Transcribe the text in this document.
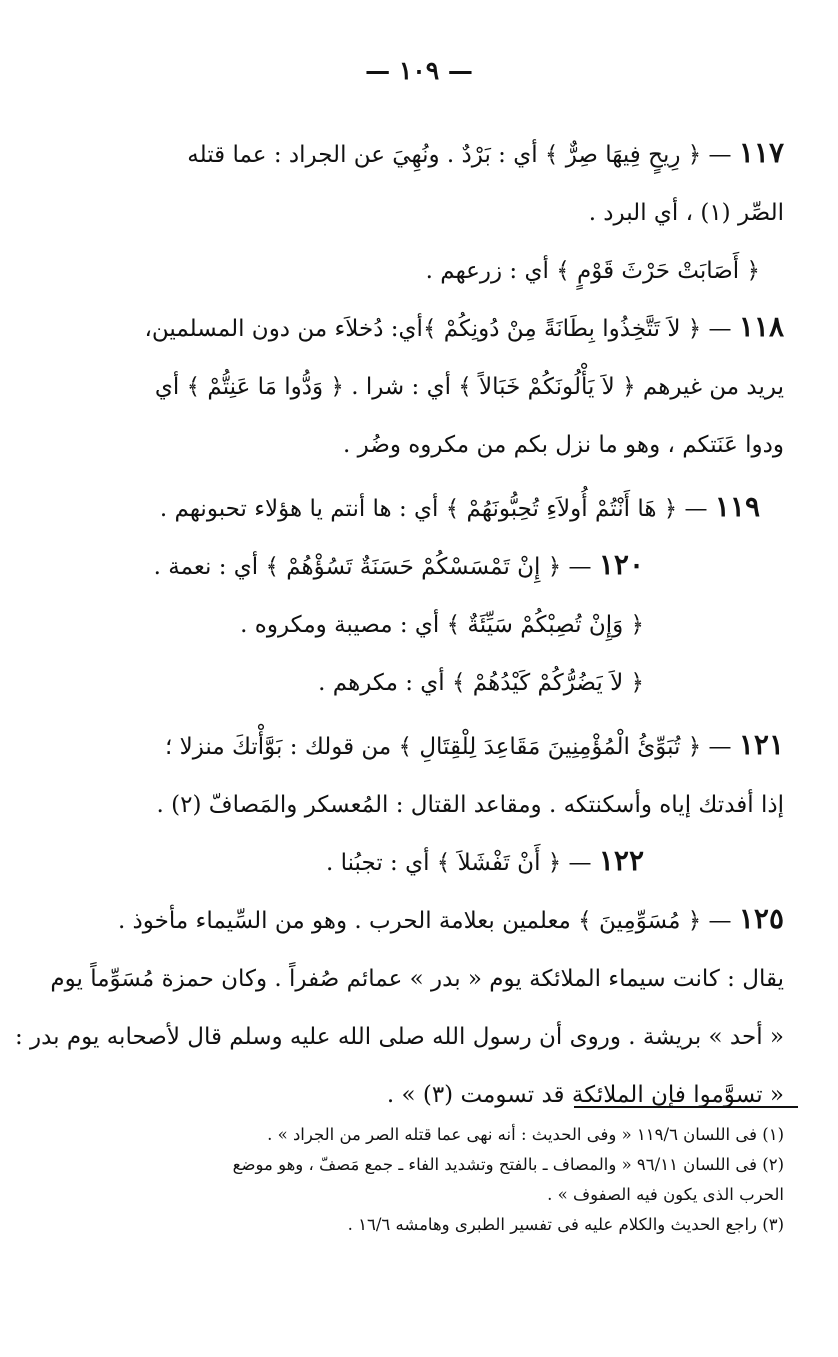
— ١٠٩ —
١١٧ — ﴿ رِيحٍ فِيهَا صِرٌّ ﴾ أي : بَرْدٌ . ونُهِيَ عن الجراد : عما قتله
الصِّر (١) ، أي البرد .
﴿ أَصَابَتْ حَرْثَ قَوْمٍ ﴾ أي : زرعهم .
١١٨ — ﴿ لاَ تَتَّخِذُوا بِطَانَةً مِنْ دُونِكُمْ ﴾أي: دُخلاَء من دون المسلمين،
يريد من غيرهم ﴿ لاَ يَأْلُونَكُمْ خَبَالاً ﴾ أي : شرا . ﴿ وَدُّوا مَا عَنِتُّمْ ﴾ أي
ودوا عَنَتكم ، وهو ما نزل بكم من مكروه وضُر .
١١٩ — ﴿ هَا أَنْتُمْ أُولاَءِ تُحِبُّونَهُمْ ﴾ أي : ها أنتم يا هؤلاء تحبونهم .
١٢٠ — ﴿ إِنْ تَمْسَسْكُمْ حَسَنَةٌ تَسُؤْهُمْ ﴾ أي : نعمة .
﴿ وَإِنْ تُصِبْكُمْ سَيِّئَةٌ ﴾ أي : مصيبة ومكروه .
﴿ لاَ يَضُرُّكُمْ كَيْدُهُمْ ﴾ أي : مكرهم .
١٢١ — ﴿ تُبَوِّئُ الْمُؤْمِنِينَ مَقَاعِدَ لِلْقِتَالِ ﴾ من قولك : بَوَّأْتكَ منزلا ؛
إذا أفدتك إياه وأسكنتكه . ومقاعد القتال : المُعسكر والمَصافّ (٢) .
١٢٢ — ﴿ أَنْ تَفْشَلاَ ﴾ أي : تجبُنا .
١٢٥ — ﴿ مُسَوِّمِينَ ﴾ معلمين بعلامة الحرب . وهو من السِّيماء مأخوذ .
يقال : كانت سيماء الملائكة يوم « بدر » عمائم صُفراً . وكان حمزة مُسَوِّماً يوم
« أحد » بريشة . وروى أن رسول الله صلى الله عليه وسلم قال لأصحابه يوم بدر :
« تسوَّموا فإن الملائكة قد تسومت (٣) » .
(١) فى اللسان ١١٩/٦ « وفى الحديث : أنه نهى عما قتله الصر من الجراد » .
(٢) فى اللسان ٩٦/١١ « والمصاف ـ بالفتح وتشديد الفاء ـ جمع مَصفّ ، وهو موضع
الحرب الذى يكون فيه الصفوف » .
(٣) راجع الحديث والكلام عليه فى تفسير الطبرى وهامشه ١٦/٦ .
